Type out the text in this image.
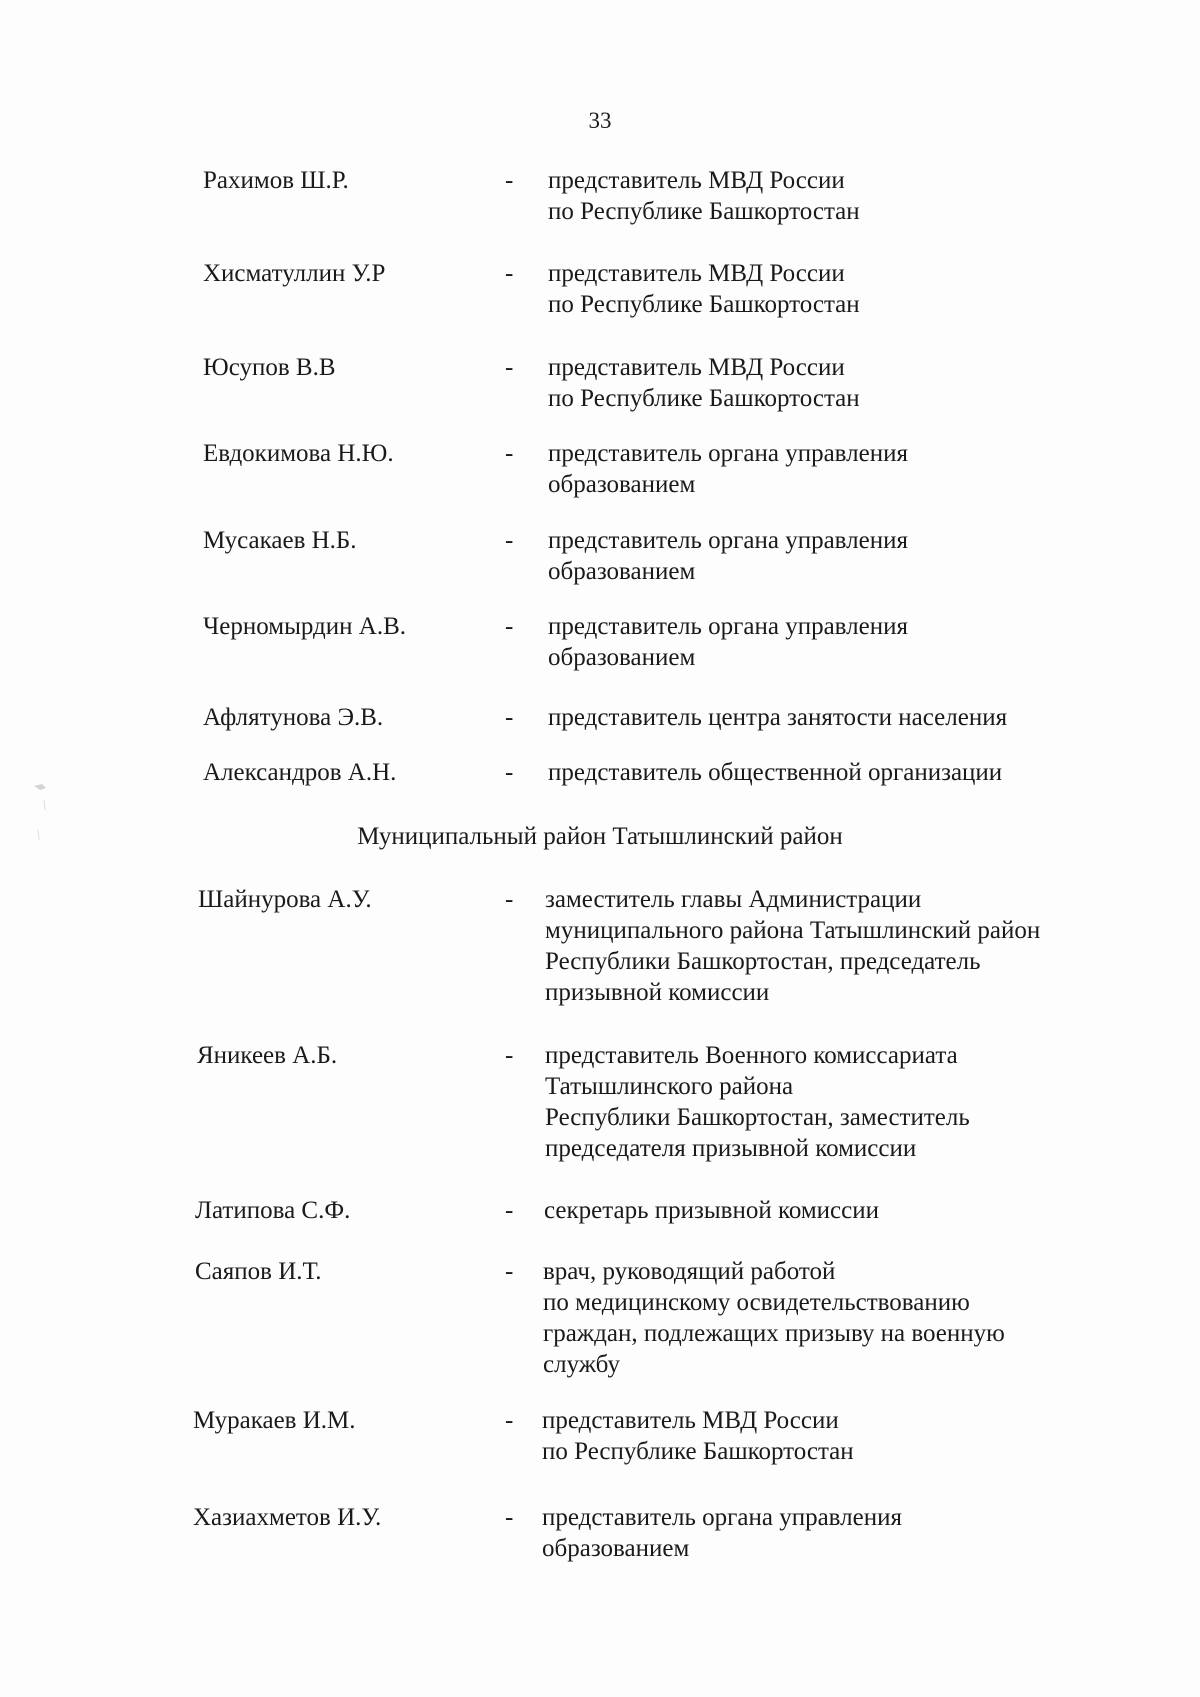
33
Рахимов Ш.Р.	- представитель МВД России
по Республике Башкортостан
Хисматуллин У.Р	- представитель МВД России
по Республике Башкортостан
Юсупов В.В	- представитель МВД России
по Республике Башкортостан
Евдокимова Н.Ю.	- представитель органа управления
образованием
Мусакаев Н.Б.	- представитель органа управления
образованием
Черномырдин А.В.	- представитель органа управления
образованием
Афлятунова Э.В.	- представитель центра занятости населения
Александров А.Н.	- представитель общественной организации
Муниципальный район Татышлинский район
Шайнурова А.У.	- заместитель главы Администрации
муниципального района Татышлинский район
Республики Башкортостан, председатель
призывной комиссии
Яникеев А.Б.	- представитель Военного комиссариата
Татышлинского района
Республики Башкортостан, заместитель
председателя призывной комиссии
Латипова С.Ф.	- секретарь призывной комиссии
Саяпов И.Т.	- врач, руководящий работой
по медицинскому освидетельствованию
граждан, подлежащих призыву на военную
службу
Муракаев И.М.	- представитель МВД России
по Республике Башкортостан
Хазиахметов И.У.	- представитель органа управления
образованием
